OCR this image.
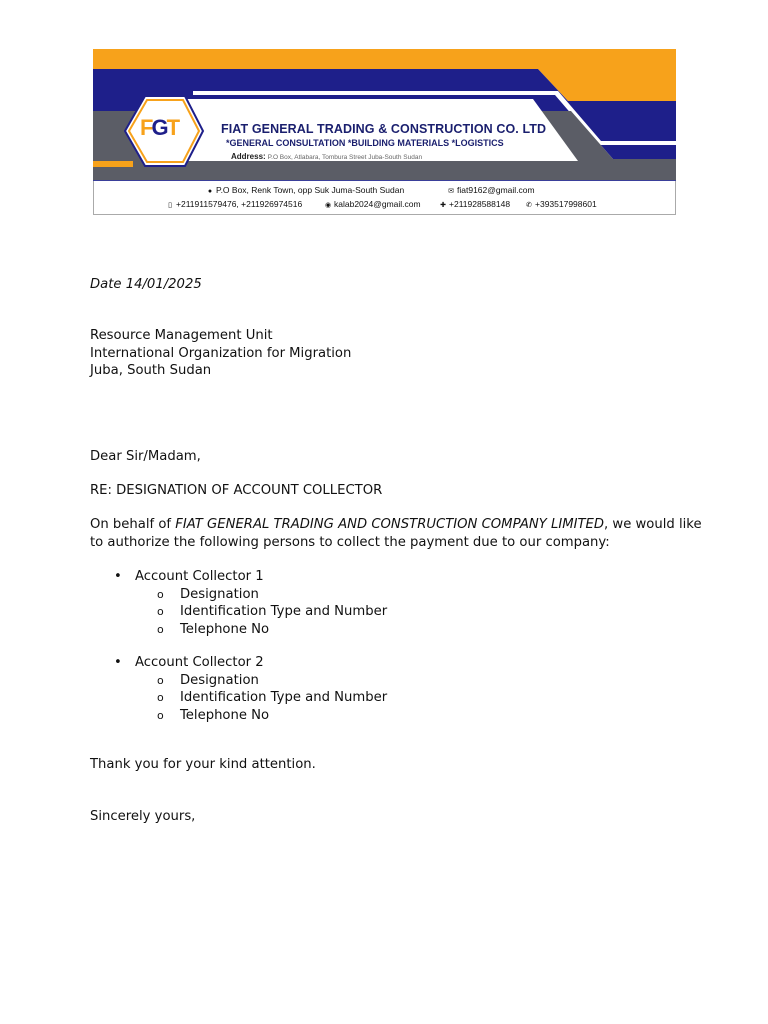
FGT	FIAT GENERAL TRADING & CONSTRUCTION CO. LTD
*GENERAL CONSULTATION *BUILDING MATERIALS *LOGISTICS
Address: P.O Box, Atlabara, Tombura Street Juba-South Sudan
● P.O Box, Renk Town, opp Suk Juma-South Sudan	✉ fiat9162@gmail.com
▯ +211911579476, +211926974516	◉ kalab2024@gmail.com	✚ +211928588148 ✆ +393517998601
Date 14/01/2025
Resource Management Unit
International Organization for Migration
Juba, South Sudan
Dear Sir/Madam,
RE: DESIGNATION OF ACCOUNT COLLECTOR
On behalf of FIAT GENERAL TRADING AND CONSTRUCTION COMPANY LIMITED, we would like
to authorize the following persons to collect the payment due to our company:
• Account Collector 1
o Designation
o Identification Type and Number
o Telephone No
• Account Collector 2
o Designation
o Identification Type and Number
o Telephone No
Thank you for your kind attention.
Sincerely yours,
